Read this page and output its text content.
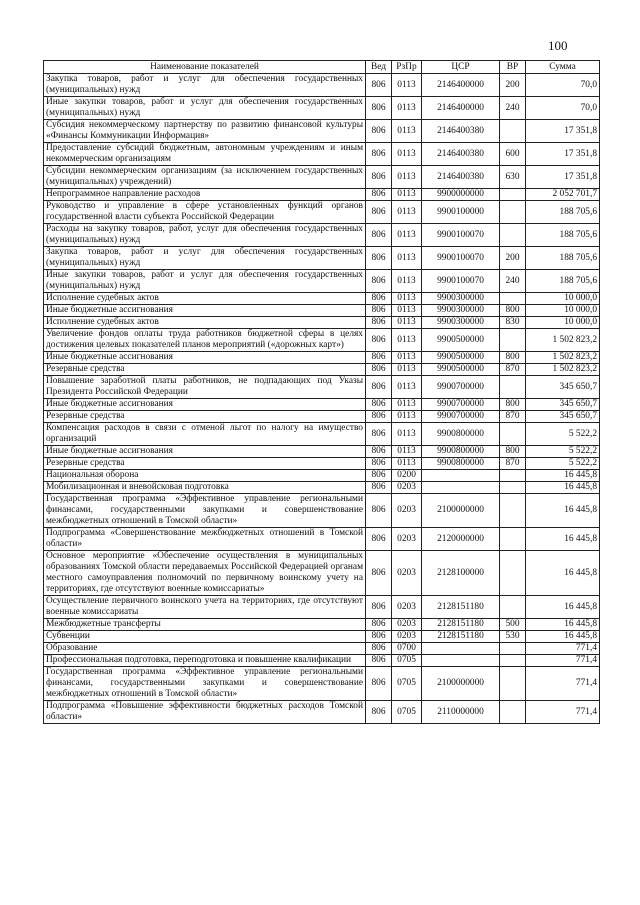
100
Наименование показателей	Вед	РзПр	ЦСР	ВР	Сумма
Закупка товаров, работ и услуг для обеспечения государственных (муниципальных) нужд	806	0113	2146400000	200	70,0
Иные закупки товаров, работ и услуг для обеспечения государственных (муниципальных) нужд	806	0113	2146400000	240	70,0
Субсидия некоммерческому партнерству по развитию финансовой культуры «Финансы Коммуникации Информация»	806	0113	2146400380		17 351,8
Предоставление субсидий бюджетным, автономным учреждениям и иным некоммерческим организациям	806	0113	2146400380	600	17 351,8
Субсидии некоммерческим организациям (за исключением государственных (муниципальных) учреждений)	806	0113	2146400380	630	17 351,8
Непрограммное направление расходов	806	0113	9900000000		2 052 701,7
Руководство и управление в сфере установленных функций органов государственной власти субъекта Российской Федерации	806	0113	9900100000		188 705,6
Расходы на закупку товаров, работ, услуг для обеспечения государственных (муниципальных) нужд	806	0113	9900100070		188 705,6
Закупка товаров, работ и услуг для обеспечения государственных (муниципальных) нужд	806	0113	9900100070	200	188 705,6
Иные закупки товаров, работ и услуг для обеспечения государственных (муниципальных) нужд	806	0113	9900100070	240	188 705,6
Исполнение судебных актов	806	0113	9900300000		10 000,0
Иные бюджетные ассигнования	806	0113	9900300000	800	10 000,0
Исполнение судебных актов	806	0113	9900300000	830	10 000,0
Увеличение фондов оплаты труда работников бюджетной сферы в целях достижения целевых показателей планов мероприятий («дорожных карт»)	806	0113	9900500000		1 502 823,2
Иные бюджетные ассигнования	806	0113	9900500000	800	1 502 823,2
Резервные средства	806	0113	9900500000	870	1 502 823,2
Повышение заработной платы работников, не подпадающих под Указы Президента Российской Федерации	806	0113	9900700000		345 650,7
Иные бюджетные ассигнования	806	0113	9900700000	800	345 650,7
Резервные средства	806	0113	9900700000	870	345 650,7
Компенсация расходов в связи с отменой льгот по налогу на имущество организаций	806	0113	9900800000		5 522,2
Иные бюджетные ассигнования	806	0113	9900800000	800	5 522,2
Резервные средства	806	0113	9900800000	870	5 522,2
Национальная оборона	806	0200			16 445,8
Мобилизационная и вневойсковая подготовка	806	0203			16 445,8
Государственная программа «Эффективное управление региональными финансами, государственными закупками и совершенствование межбюджетных отношений в Томской области»	806	0203	2100000000		16 445,8
Подпрограмма «Совершенствование межбюджетных отношений в Томской области»	806	0203	2120000000		16 445,8
Основное мероприятие «Обеспечение осуществления в муниципальных образованиях Томской области передаваемых Российской Федерацией органам местного самоуправления полномочий по первичному воинскому учету на территориях, где отсутствуют военные комиссариаты»	806	0203	2128100000		16 445,8
Осуществление первичного воинского учета на территориях, где отсутствуют военные комиссариаты	806	0203	2128151180		16 445,8
Межбюджетные трансферты	806	0203	2128151180	500	16 445,8
Субвенции	806	0203	2128151180	530	16 445,8
Образование	806	0700			771,4
Профессиональная подготовка, переподготовка и повышение квалификации	806	0705			771,4
Государственная программа «Эффективное управление региональными финансами, государственными закупками и совершенствование межбюджетных отношений в Томской области»	806	0705	2100000000		771,4
Подпрограмма «Повышение эффективности бюджетных расходов Томской области»	806	0705	2110000000		771,4
